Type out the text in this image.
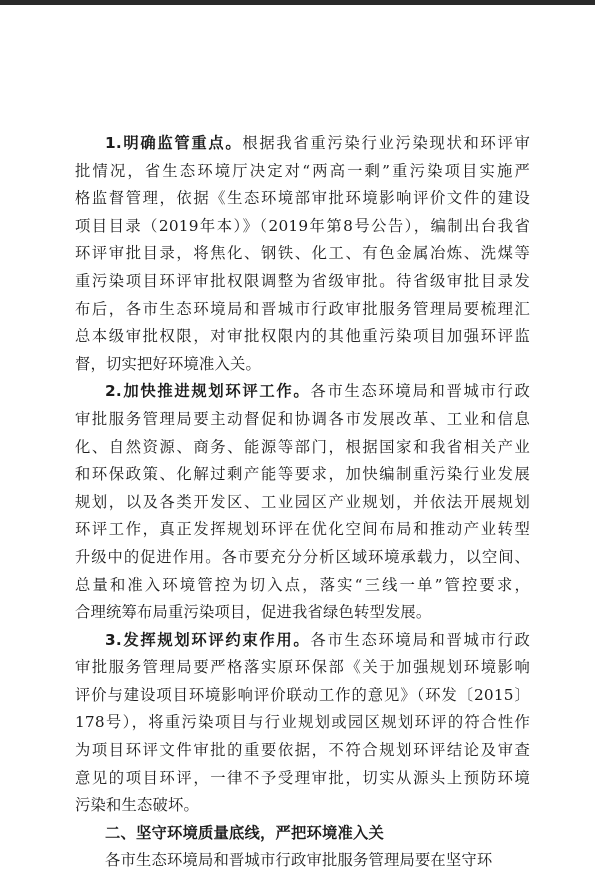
1.明确监管重点。根据我省重污染行业污染现状和环评审
批情况，省生态环境厅决定对“两高一剩”重污染项目实施严
格监督管理，依据《生态环境部审批环境影响评价文件的建设
项目目录（2019年本）》（2019年第8号公告），编制出台我省
环评审批目录，将焦化、钢铁、化工、有色金属冶炼、洗煤等
重污染项目环评审批权限调整为省级审批。待省级审批目录发
布后，各市生态环境局和晋城市行政审批服务管理局要梳理汇
总本级审批权限，对审批权限内的其他重污染项目加强环评监
督，切实把好环境准入关。
2.加快推进规划环评工作。各市生态环境局和晋城市行政
审批服务管理局要主动督促和协调各市发展改革、工业和信息
化、自然资源、商务、能源等部门，根据国家和我省相关产业
和环保政策、化解过剩产能等要求，加快编制重污染行业发展
规划，以及各类开发区、工业园区产业规划，并依法开展规划
环评工作，真正发挥规划环评在优化空间布局和推动产业转型
升级中的促进作用。各市要充分分析区域环境承载力，以空间、
总量和准入环境管控为切入点，落实“三线一单”管控要求，
合理统筹布局重污染项目，促进我省绿色转型发展。
3.发挥规划环评约束作用。各市生态环境局和晋城市行政
审批服务管理局要严格落实原环保部《关于加强规划环境影响
评价与建设项目环境影响评价联动工作的意见》（环发〔2015〕
178号），将重污染项目与行业规划或园区规划环评的符合性作
为项目环评文件审批的重要依据，不符合规划环评结论及审查
意见的项目环评，一律不予受理审批，切实从源头上预防环境
污染和生态破坏。
二、坚守环境质量底线，严把环境准入关
各市生态环境局和晋城市行政审批服务管理局要在坚守环
